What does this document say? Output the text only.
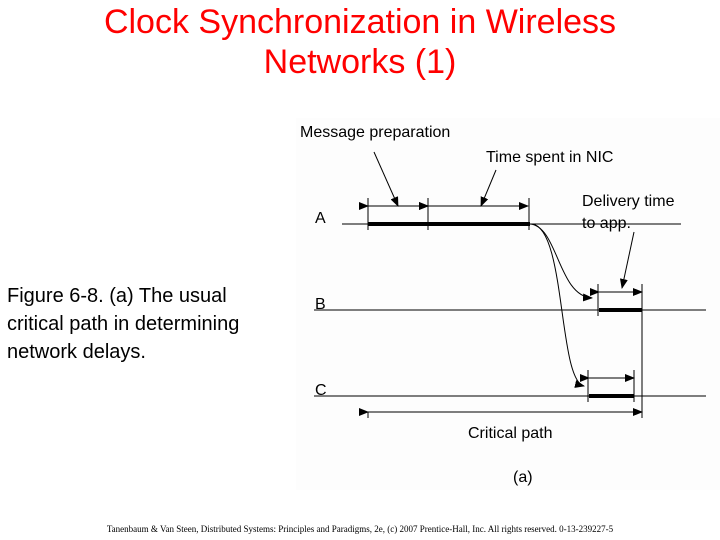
Clock Synchronization in Wireless
Networks (1)
Figure 6-8. (a) The usual
critical path in determining
network delays.
Message preparation
Time spent in NIC
Delivery time
to app.
A
B
C
Critical path
(a)
Tanenbaum & Van Steen, Distributed Systems: Principles and Paradigms, 2e, (c) 2007 Prentice-Hall, Inc. All rights reserved. 0-13-239227-5
